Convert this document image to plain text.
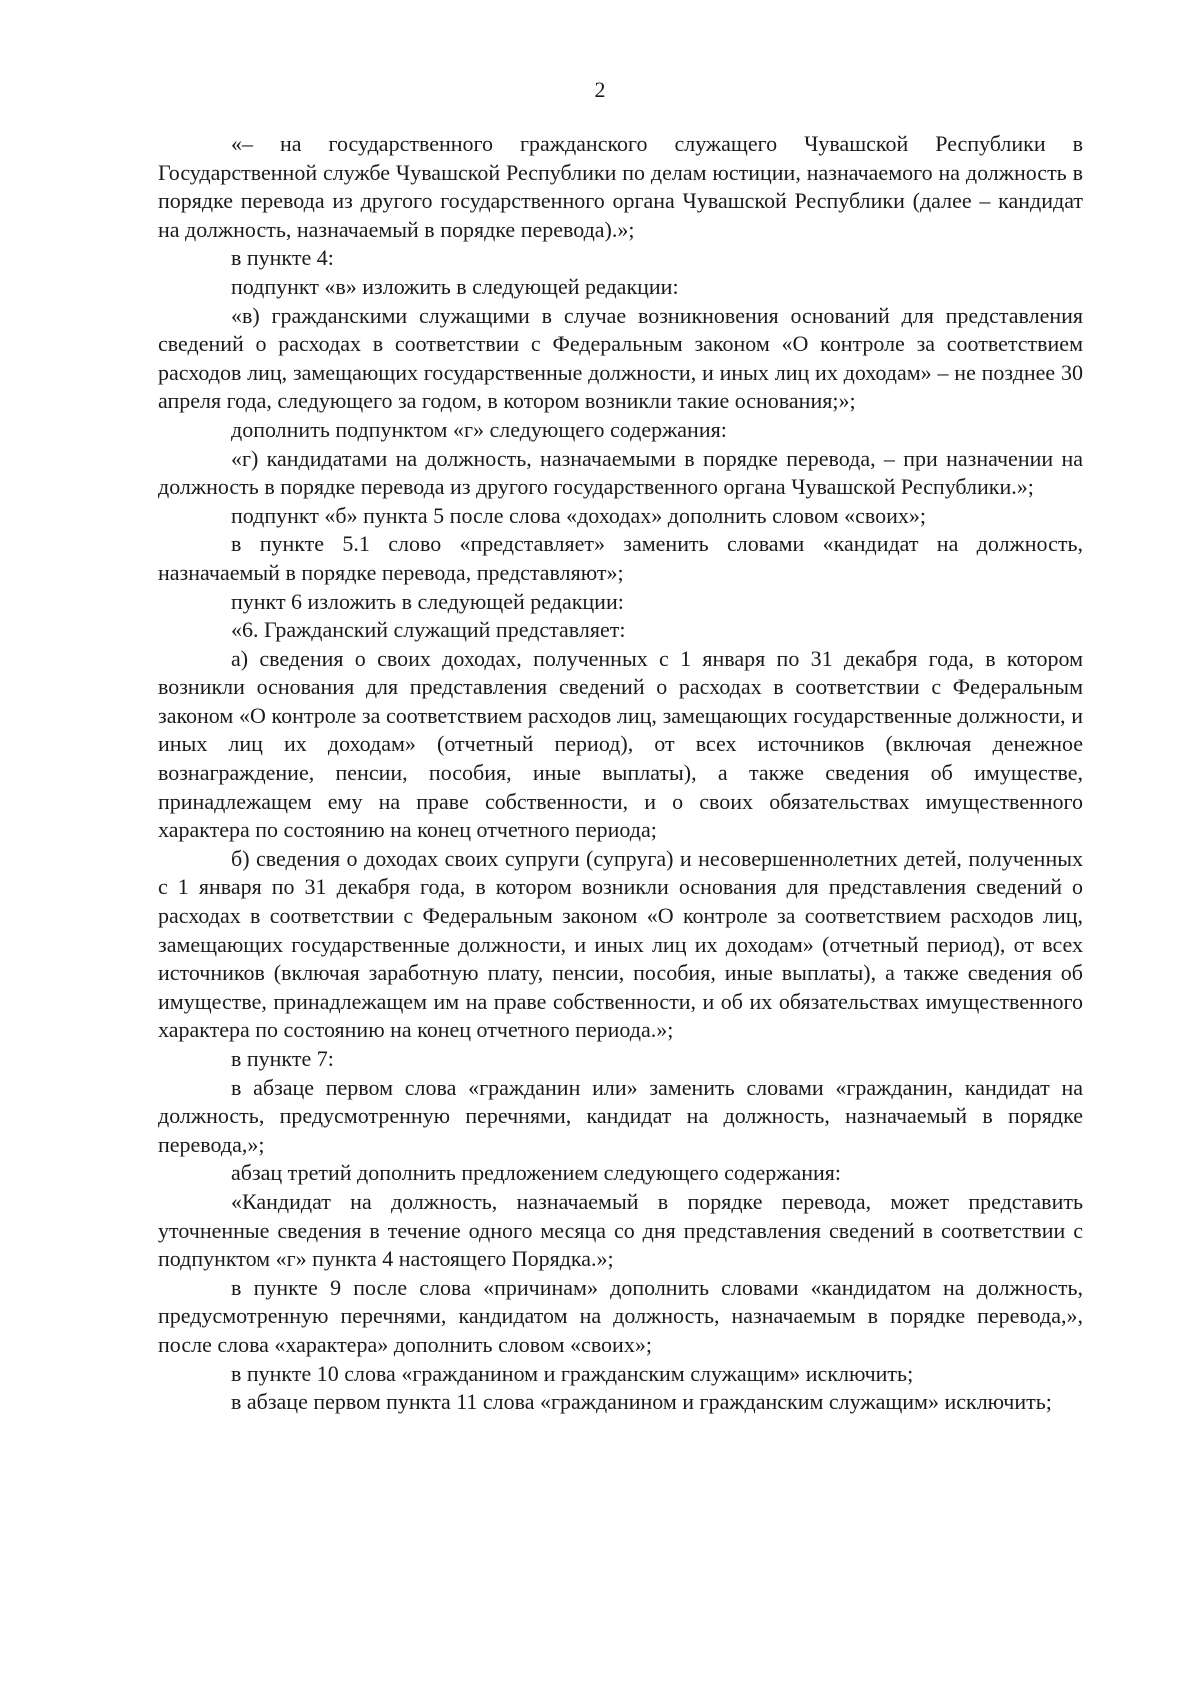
2

«– на государственного гражданского служащего Чувашской Республики в Государственной службе Чувашской Республики по делам юстиции, назначаемого на должность в порядке перевода из другого государственного органа Чувашской Республики (далее – кандидат на должность, назначаемый в порядке перевода).»;

в пункте 4:

подпункт «в» изложить в следующей редакции:

«в) гражданскими служащими в случае возникновения оснований для представления сведений о расходах в соответствии с Федеральным законом «О контроле за соответствием расходов лиц, замещающих государственные должности, и иных лиц их доходам» – не позднее 30 апреля года, следующего за годом, в котором возникли такие основания;»;

дополнить подпунктом «г» следующего содержания:

«г) кандидатами на должность, назначаемыми в порядке перевода, – при назначении на должность в порядке перевода из другого государственного органа Чувашской Республики.»;

подпункт «б» пункта 5 после слова «доходах» дополнить словом «своих»;

в пункте 5.1 слово «представляет» заменить словами «кандидат на должность, назначаемый в порядке перевода, представляют»;

пункт 6 изложить в следующей редакции:

«6. Гражданский служащий представляет:

а) сведения о своих доходах, полученных с 1 января по 31 декабря года, в котором возникли основания для представления сведений о расходах в соответствии с Федеральным законом «О контроле за соответствием расходов лиц, замещающих государственные должности, и иных лиц их доходам» (отчетный период), от всех источников (включая денежное вознаграждение, пенсии, пособия, иные выплаты), а также сведения об имуществе, принадлежащем ему на праве собственности, и о своих обязательствах имущественного характера по состоянию на конец отчетного периода;

б) сведения о доходах своих супруги (супруга) и несовершеннолетних детей, полученных с 1 января по 31 декабря года, в котором возникли основания для представления сведений о расходах в соответствии с Федеральным законом «О контроле за соответствием расходов лиц, замещающих государственные должности, и иных лиц их доходам» (отчетный период), от всех источников (включая заработную плату, пенсии, пособия, иные выплаты), а также сведения об имуществе, принадлежащем им на праве собственности, и об их обязательствах имущественного характера по состоянию на конец отчетного периода.»;

в пункте 7:

в абзаце первом слова «гражданин или» заменить словами «гражданин, кандидат на должность, предусмотренную перечнями, кандидат на должность, назначаемый в порядке перевода,»;

абзац третий дополнить предложением следующего содержания:

«Кандидат на должность, назначаемый в порядке перевода, может представить уточненные сведения в течение одного месяца со дня представления сведений в соответствии с подпунктом «г» пункта 4 настоящего Порядка.»;

в пункте 9 после слова «причинам» дополнить словами «кандидатом на должность, предусмотренную перечнями, кандидатом на должность, назначаемым в порядке перевода,», после слова «характера» дополнить словом «своих»;

в пункте 10 слова «гражданином и гражданским служащим» исключить;

в абзаце первом пункта 11 слова «гражданином и гражданским служащим» исключить;
